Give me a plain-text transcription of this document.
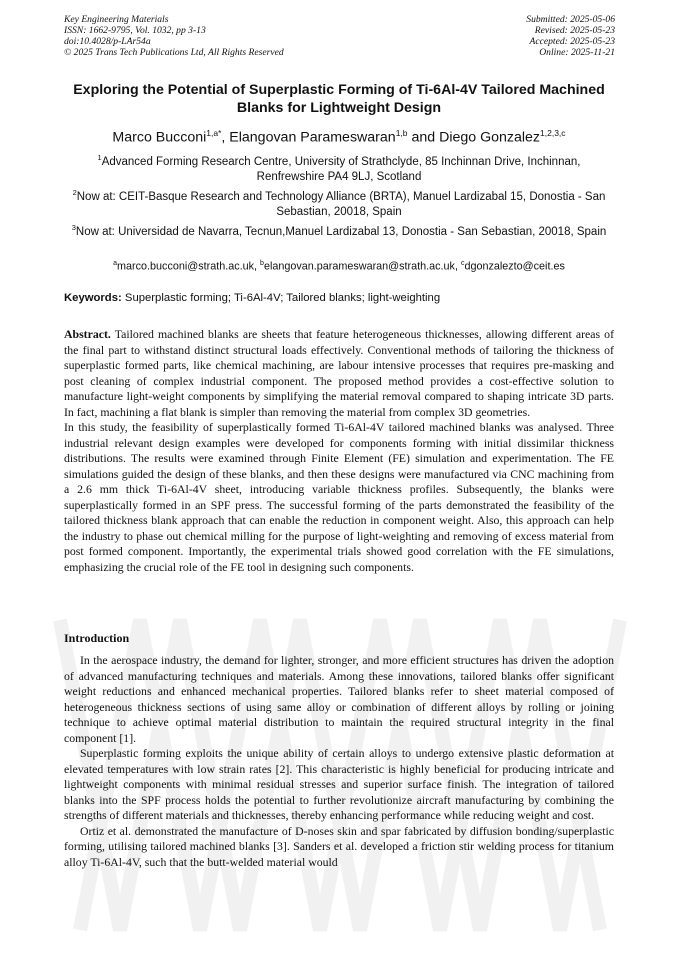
Key Engineering Materials
ISSN: 1662-9795, Vol. 1032, pp 3-13
doi:10.4028/p-LAr54a
© 2025 Trans Tech Publications Ltd, All Rights Reserved
Submitted: 2025-05-06
Revised: 2025-05-23
Accepted: 2025-05-23
Online: 2025-11-21
Exploring the Potential of Superplastic Forming of Ti-6Al-4V Tailored Machined Blanks for Lightweight Design
Marco Bucconi$^{1,a*}$, Elangovan Parameswaran$^{1,b}$ and Diego Gonzalez$^{1,2,3,c}$
$^1$Advanced Forming Research Centre, University of Strathclyde, 85 Inchinnan Drive, Inchinnan, Renfrewshire PA4 9LJ, Scotland
$^2$Now at: CEIT-Basque Research and Technology Alliance (BRTA), Manuel Lardizabal 15, Donostia - San Sebastian, 20018, Spain
$^3$Now at: Universidad de Navarra, Tecnun,Manuel Lardizabal 13, Donostia - San Sebastian, 20018, Spain
$^a$marco.bucconi@strath.ac.uk, $^b$elangovan.parameswaran@strath.ac.uk, $^c$dgonzalezto@ceit.es
Keywords: Superplastic forming; Ti-6Al-4V; Tailored blanks; light-weighting

Abstract. Tailored machined blanks are sheets that feature heterogeneous thicknesses, allowing different areas of the final part to withstand distinct structural loads effectively. Conventional methods of tailoring the thickness of superplastic formed parts, like chemical machining, are labour intensive processes that requires pre-masking and post cleaning of complex industrial component. The proposed method provides a cost-effective solution to manufacture light-weight components by simplifying the material removal compared to shaping intricate 3D parts. In fact, machining a flat blank is simpler than removing the material from complex 3D geometries.

In this study, the feasibility of superplastically formed Ti-6Al-4V tailored machined blanks was analysed. Three industrial relevant design examples were developed for components forming with initial dissimilar thickness distributions. The results were examined through Finite Element (FE) simulation and experimentation. The FE simulations guided the design of these blanks, and then these designs were manufactured via CNC machining from a 2.6 mm thick Ti-6Al-4V sheet, introducing variable thickness profiles. Subsequently, the blanks were superplastically formed in an SPF press. The successful forming of the parts demonstrated the feasibility of the tailored thickness blank approach that can enable the reduction in component weight. Also, this approach can help the industry to phase out chemical milling for the purpose of light-weighting and removing of excess material from post formed component. Importantly, the experimental trials showed good correlation with the FE simulations, emphasizing the crucial role of the FE tool in designing such components.

Introduction

In the aerospace industry, the demand for lighter, stronger, and more efficient structures has driven the adoption of advanced manufacturing techniques and materials. Among these innovations, tailored blanks offer significant weight reductions and enhanced mechanical properties. Tailored blanks refer to sheet material composed of heterogeneous thickness sections of using same alloy or combination of different alloys by rolling or joining technique to achieve optimal material distribution to maintain the required structural integrity in the final component [1].

Superplastic forming exploits the unique ability of certain alloys to undergo extensive plastic deformation at elevated temperatures with low strain rates [2]. This characteristic is highly beneficial for producing intricate and lightweight components with minimal residual stresses and superior surface finish. The integration of tailored blanks into the SPF process holds the potential to further revolutionize aircraft manufacturing by combining the strengths of different materials and thicknesses, thereby enhancing performance while reducing weight and cost.

Ortiz et al. demonstrated the manufacture of D-noses skin and spar fabricated by diffusion bonding/superplastic forming, utilising tailored machined blanks [3]. Sanders et al. developed a friction stir welding process for titanium alloy Ti-6Al-4V, such that the butt-welded material would
